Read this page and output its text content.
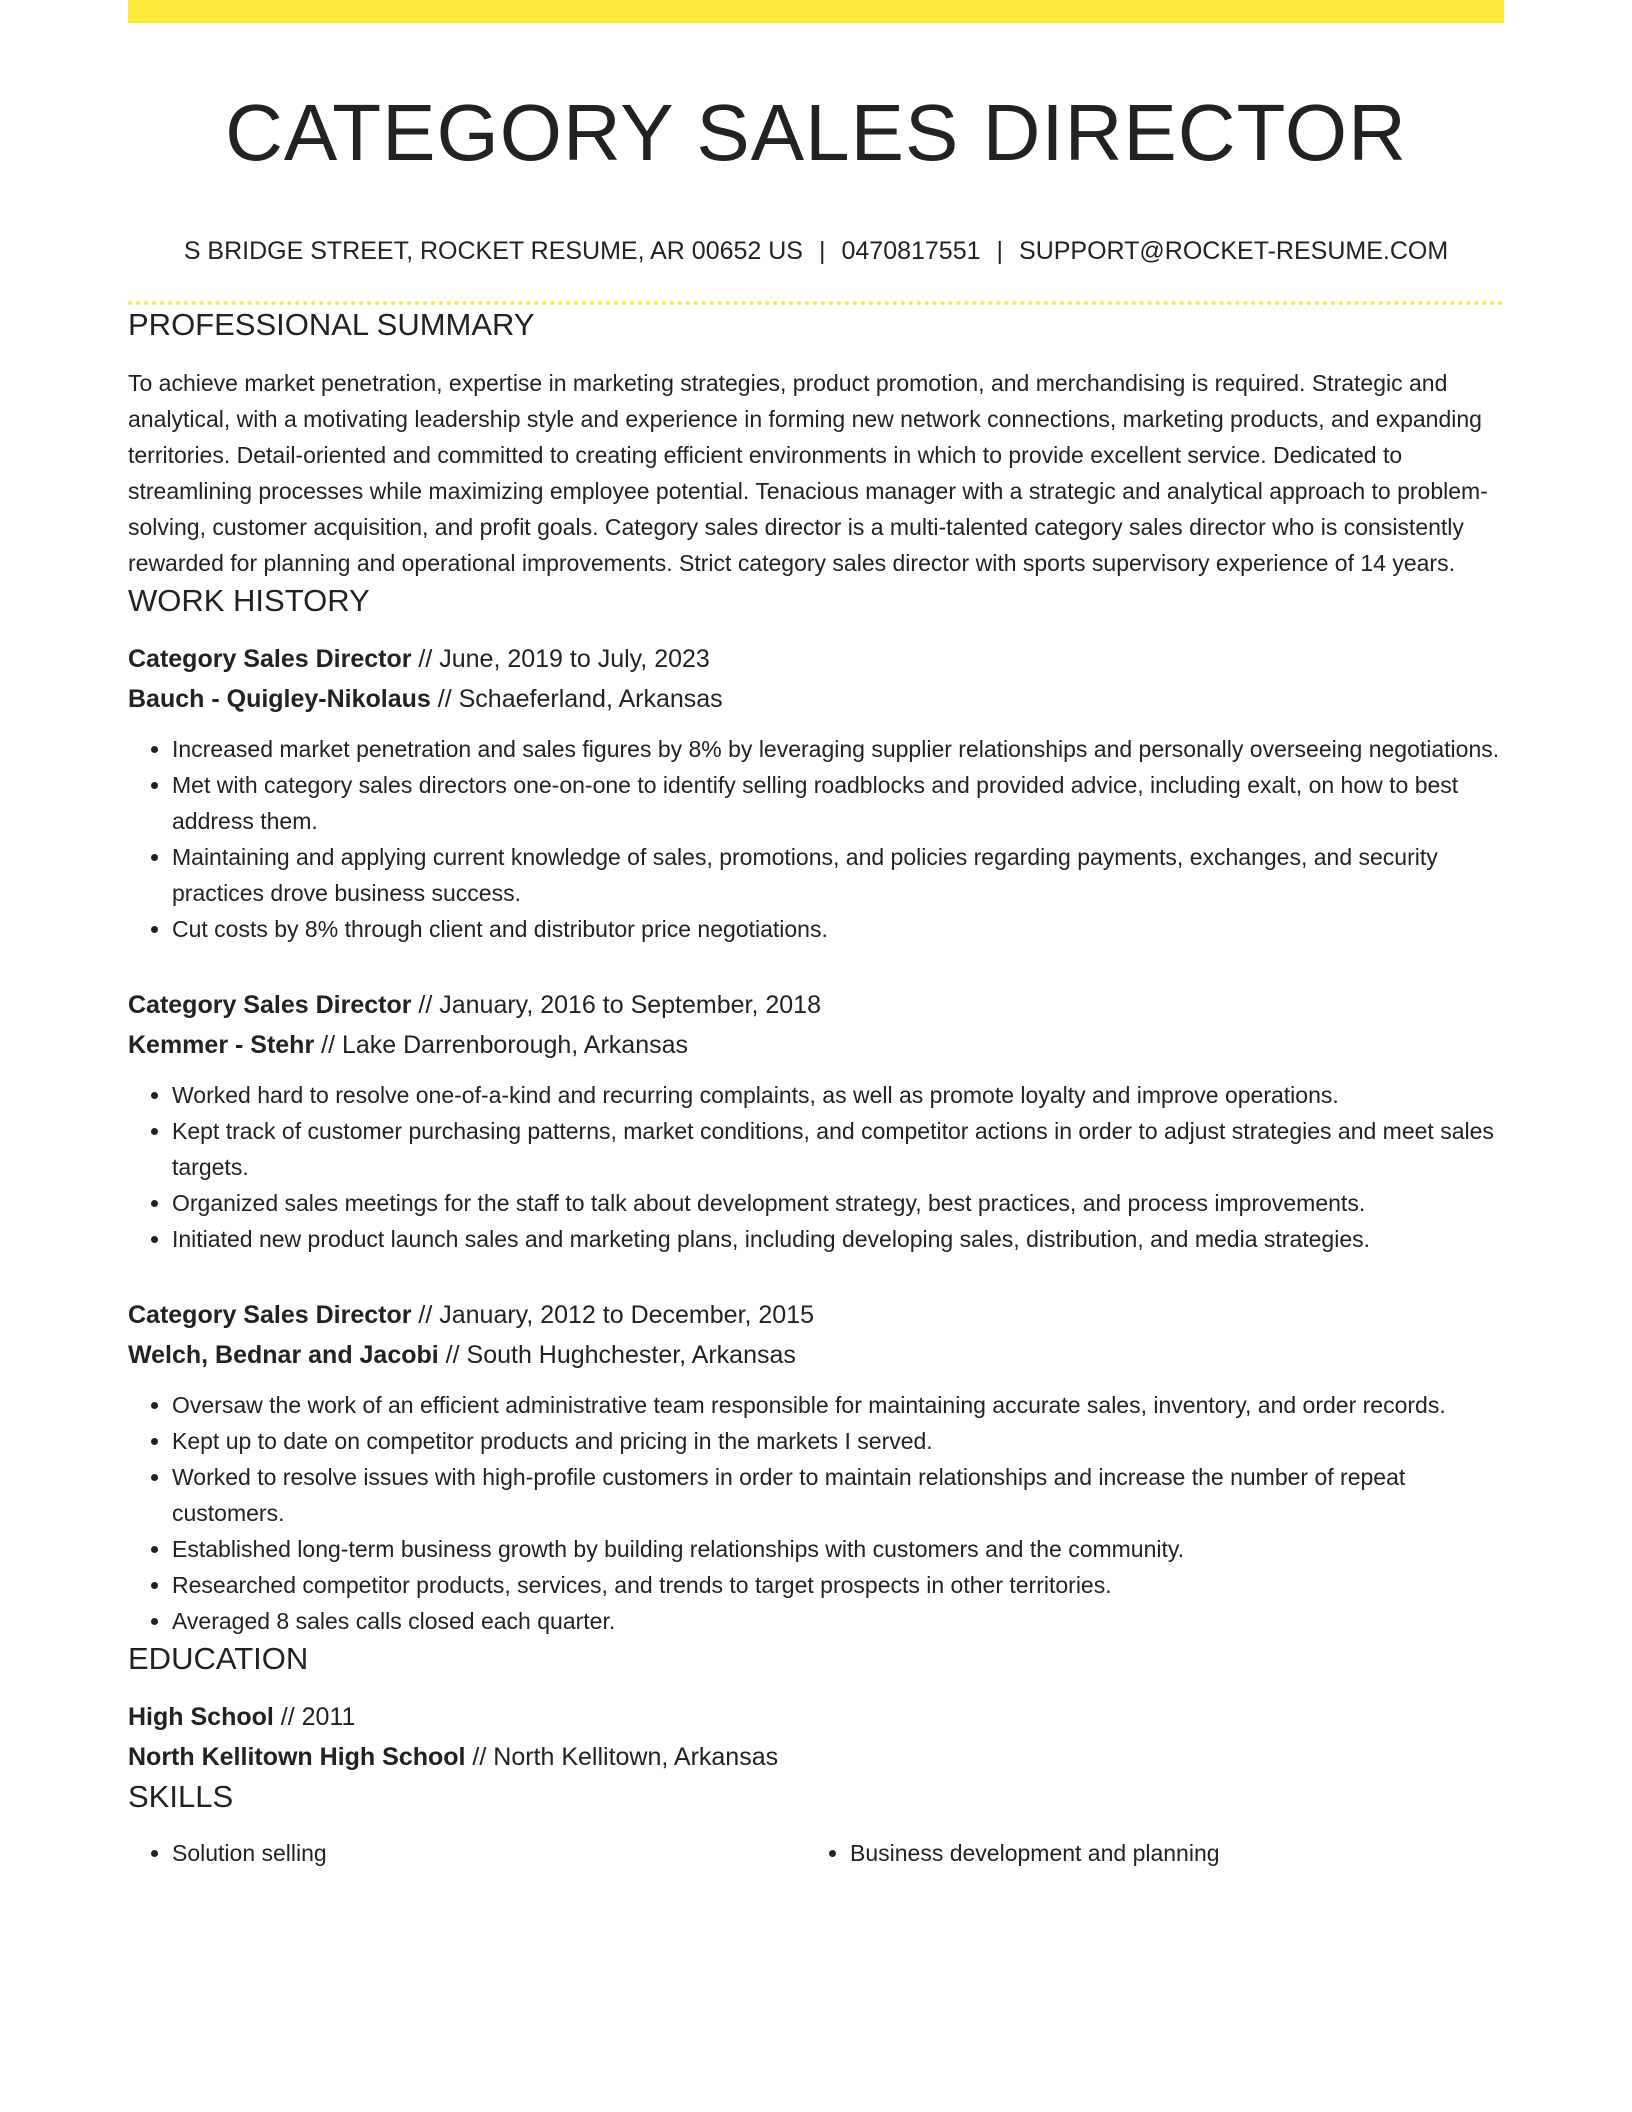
CATEGORY SALES DIRECTOR
S BRIDGE STREET, ROCKET RESUME, AR 00652 US | 0470817551 | SUPPORT@ROCKET-RESUME.COM
PROFESSIONAL SUMMARY
To achieve market penetration, expertise in marketing strategies, product promotion, and merchandising is required. Strategic and analytical, with a motivating leadership style and experience in forming new network connections, marketing products, and expanding territories. Detail-oriented and committed to creating efficient environments in which to provide excellent service. Dedicated to streamlining processes while maximizing employee potential. Tenacious manager with a strategic and analytical approach to problem-solving, customer acquisition, and profit goals. Category sales director is a multi-talented category sales director who is consistently rewarded for planning and operational improvements. Strict category sales director with sports supervisory experience of 14 years.
WORK HISTORY
Category Sales Director // June, 2019 to July, 2023
Bauch - Quigley-Nikolaus // Schaeferland, Arkansas
• Increased market penetration and sales figures by 8% by leveraging supplier relationships and personally overseeing negotiations.
• Met with category sales directors one-on-one to identify selling roadblocks and provided advice, including exalt, on how to best address them.
• Maintaining and applying current knowledge of sales, promotions, and policies regarding payments, exchanges, and security practices drove business success.
• Cut costs by 8% through client and distributor price negotiations.
Category Sales Director // January, 2016 to September, 2018
Kemmer - Stehr // Lake Darrenborough, Arkansas
• Worked hard to resolve one-of-a-kind and recurring complaints, as well as promote loyalty and improve operations.
• Kept track of customer purchasing patterns, market conditions, and competitor actions in order to adjust strategies and meet sales targets.
• Organized sales meetings for the staff to talk about development strategy, best practices, and process improvements.
• Initiated new product launch sales and marketing plans, including developing sales, distribution, and media strategies.
Category Sales Director // January, 2012 to December, 2015
Welch, Bednar and Jacobi // South Hughchester, Arkansas
• Oversaw the work of an efficient administrative team responsible for maintaining accurate sales, inventory, and order records.
• Kept up to date on competitor products and pricing in the markets I served.
• Worked to resolve issues with high-profile customers in order to maintain relationships and increase the number of repeat customers.
• Established long-term business growth by building relationships with customers and the community.
• Researched competitor products, services, and trends to target prospects in other territories.
• Averaged 8 sales calls closed each quarter.
EDUCATION
High School // 2011
North Kellitown High School // North Kellitown, Arkansas
SKILLS
• Solution selling
•	Business development and planning
